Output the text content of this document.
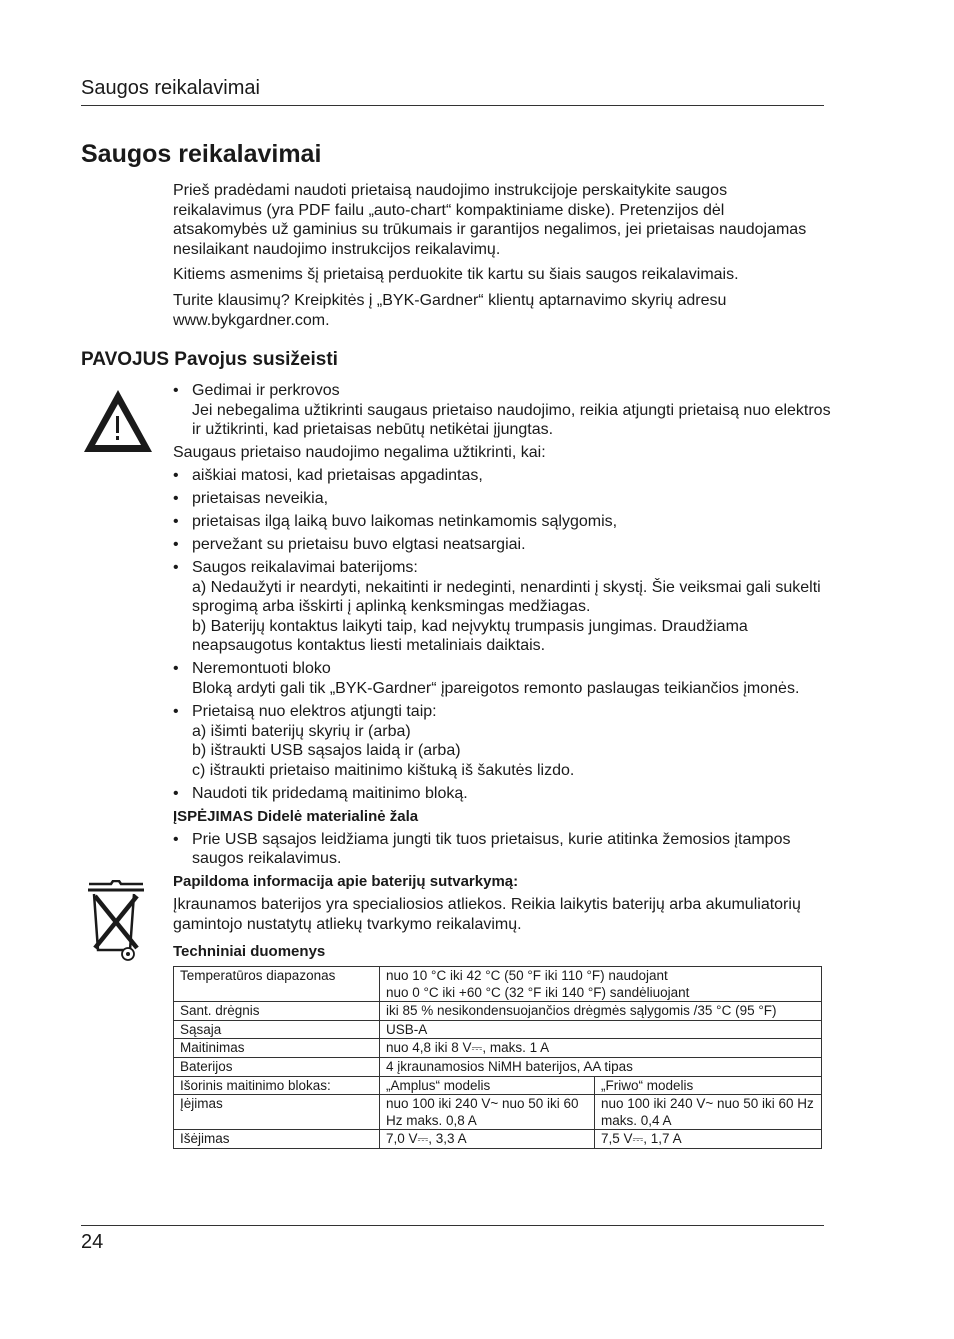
Saugos reikalavimai
Saugos reikalavimai

Prieš pradėdami naudoti prietaisą naudojimo instrukcijoje perskaitykite saugos reikalavimus (yra PDF failu „auto-chart“ kompaktiniame diske). Pretenzijos dėl atsakomybės už gaminius su trūkumais ir garantijos negalimos, jei prietaisas naudojamas nesilaikant naudojimo instrukcijos reikalavimų.

Kitiems asmenims šį prietaisą perduokite tik kartu su šiais saugos reikalavimais.

Turite klausimų? Kreipkitės į „BYK-Gardner“ klientų aptarnavimo skyrių adresu www.bykgardner.com.

PAVOJUS Pavojus susižeisti
• Gedimai ir perkrovos
Jei nebegalima užtikrinti saugaus prietaiso naudojimo, reikia atjungti prietaisą nuo elektros ir užtikrinti, kad prietaisas nebūtų netikėtai įjungtas.
Saugaus prietaiso naudojimo negalima užtikrinti, kai:
• aiškiai matosi, kad prietaisas apgadintas,
• prietaisas neveikia,
• prietaisas ilgą laiką buvo laikomas netinkamomis sąlygomis,
• pervežant su prietaisu buvo elgtasi neatsargiai.
• Saugos reikalavimai baterijoms:
a) Nedaužyti ir neardyti, nekaitinti ir nedeginti, nenardinti į skystį. Šie veiksmai gali sukelti sprogimą arba išskirti į aplinką kenksmingas medžiagas.
b) Baterijų kontaktus laikyti taip, kad neįvyktų trumpasis jungimas. Draudžiama neapsaugotus kontaktus liesti metaliniais daiktais.
• Neremontuoti bloko
Bloką ardyti gali tik „BYK-Gardner“ įpareigotos remonto paslaugas teikiančios įmonės.
• Prietaisą nuo elektros atjungti taip:
a) išimti baterijų skyrių ir (arba)
b) ištraukti USB sąsajos laidą ir (arba)
c) ištraukti prietaiso maitinimo kištuką iš šakutės lizdo.
• Naudoti tik pridedamą maitinimo bloką.
ĮSPĖJIMAS Didelė materialinė žala
• Prie USB sąsajos leidžiama jungti tik tuos prietaisus, kurie atitinka žemosios įtampos saugos reikalavimus.
Papildoma informacija apie baterijų sutvarkymą:
Įkraunamos baterijos yra specialiosios atliekos. Reikia laikytis baterijų arba akumuliatorių gamintojo nustatytų atliekų tvarkymo reikalavimų.
Techniniai duomenys
Temperatūros diapazonas	nuo 10 °C iki 42 °C (50 °F iki 110 °F) naudojant
nuo 0 °C iki +60 °C (32 °F iki 140 °F) sandėliuojant	

Sant. drėgnis	iki 85 % nesikondensuojančios drėgmės sąlygomis /35 °C (95 °F)	
Sąsaja	USB-A	
Maitinimas	nuo 4,8 iki 8 V⎓, maks. 1 A	
Baterijos	4 įkraunamosios NiMH baterijos, AA tipas	
Išorinis maitinimo blokas:	„Amplus“ modelis	„Friwo“ modelis
Įėjimas	nuo 100 iki 240 V~ nuo 50 iki 60 Hz maks. 0,8 A	nuo 100 iki 240 V~ nuo 50 iki 60 Hz maks. 0,4 A
Išėjimas	7,0 V⎓, 3,3 A	7,5 V⎓, 1,7 A
24
